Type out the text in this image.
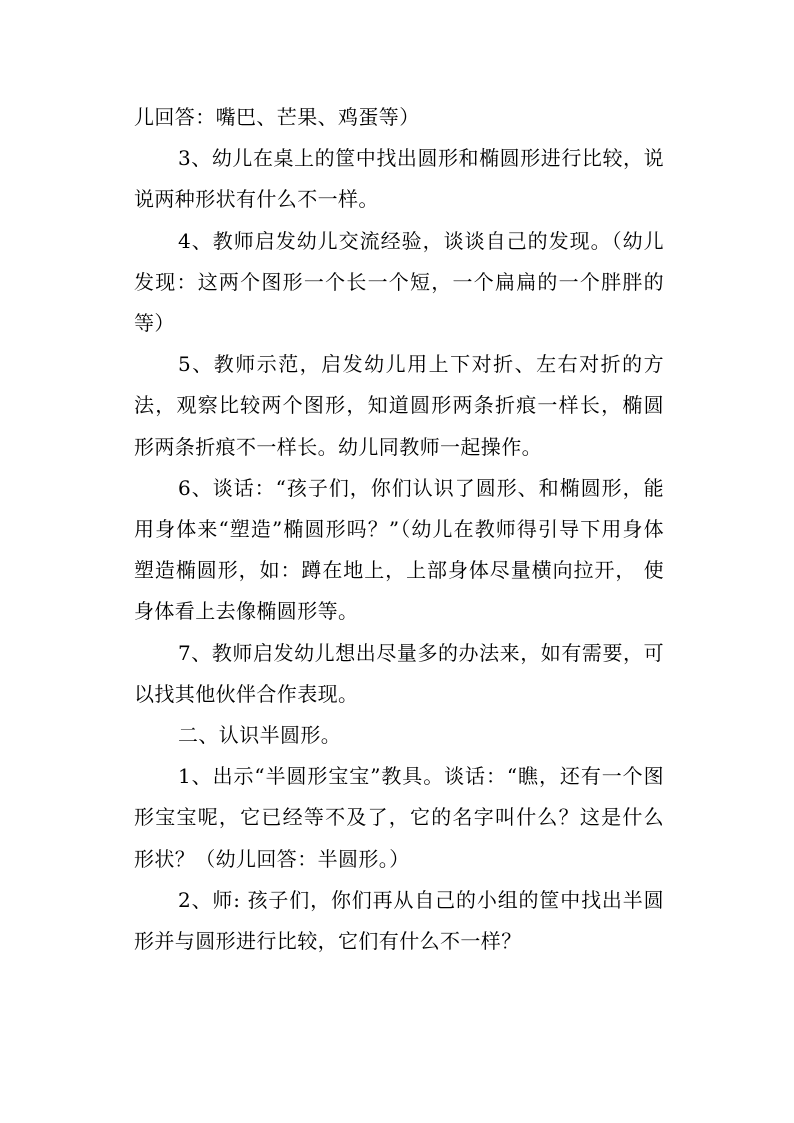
儿回答：嘴巴、芒果、鸡蛋等）

3、幼儿在桌上的筐中找出圆形和椭圆形进行比较，说说两种形状有什么不一样。

4、教师启发幼儿交流经验，谈谈自己的发现。（幼儿发现：这两个图形一个长一个短，一个扁扁的一个胖胖的等）

5、教师示范，启发幼儿用上下对折、左右对折的方法，观察比较两个图形，知道圆形两条折痕一样长，椭圆形两条折痕不一样长。幼儿同教师一起操作。

6、谈话：“孩子们，你们认识了圆形、和椭圆形，能用身体来“塑造”椭圆形吗？”（幼儿在教师得引导下用身体塑造椭圆形，如：蹲在地上，上部身体尽量横向拉开， 使 身体看上去像椭圆形等。

7、教师启发幼儿想出尽量多的办法来，如有需要，可以找其他伙伴合作表现。

二、认识半圆形。

1、出示“半圆形宝宝”教具。谈话：“瞧，还有一个图形宝宝呢，它已经等不及了，它的名字叫什么？这是什么形状？（幼儿回答：半圆形。）

2、师: 孩子们，你们再从自己的小组的筐中找出半圆形并与圆形进行比较，它们有什么不一样？
